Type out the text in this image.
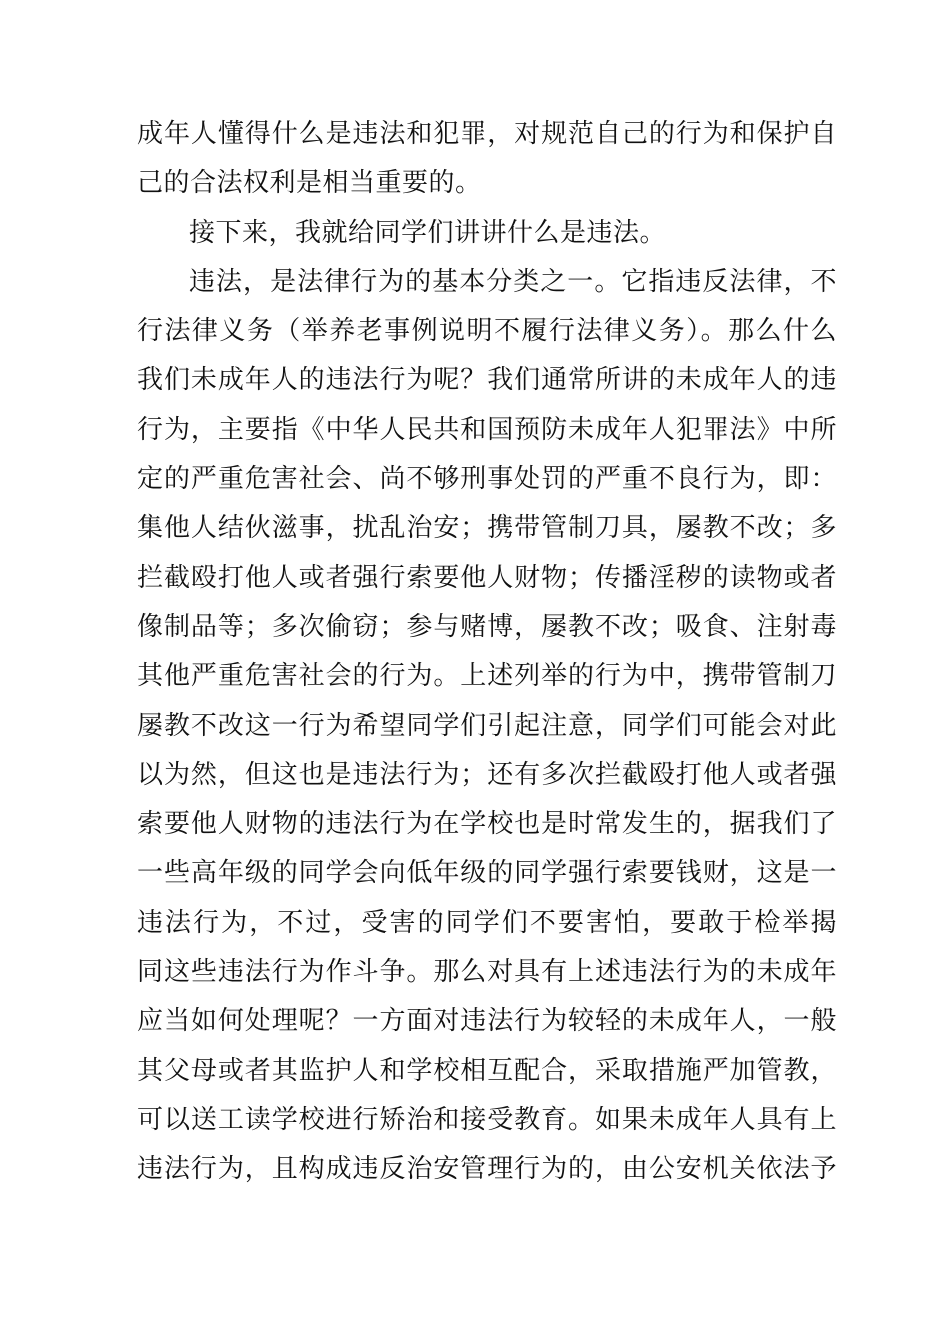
成年人懂得什么是违法和犯罪，对规范自己的行为和保护自
己的合法权利是相当重要的。
接下来，我就给同学们讲讲什么是违法。
违法，是法律行为的基本分类之一。它指违反法律，不
行法律义务（举养老事例说明不履行法律义务）。那么什么
我们未成年人的违法行为呢？我们通常所讲的未成年人的违
行为，主要指《中华人民共和国预防未成年人犯罪法》中所
定的严重危害社会、尚不够刑事处罚的严重不良行为，即：
集他人结伙滋事，扰乱治安；携带管制刀具，屡教不改；多
拦截殴打他人或者强行索要他人财物；传播淫秽的读物或者
像制品等；多次偷窃；参与赌博，屡教不改；吸食、注射毒
其他严重危害社会的行为。上述列举的行为中，携带管制刀
屡教不改这一行为希望同学们引起注意，同学们可能会对此
以为然，但这也是违法行为；还有多次拦截殴打他人或者强
索要他人财物的违法行为在学校也是时常发生的，据我们了
一些高年级的同学会向低年级的同学强行索要钱财，这是一
违法行为，不过，受害的同学们不要害怕，要敢于检举揭
同这些违法行为作斗争。那么对具有上述违法行为的未成年
应当如何处理呢？一方面对违法行为较轻的未成年人，一般
其父母或者其监护人和学校相互配合，采取措施严加管教，
可以送工读学校进行矫治和接受教育。如果未成年人具有上
违法行为，且构成违反治安管理行为的，由公安机关依法予
